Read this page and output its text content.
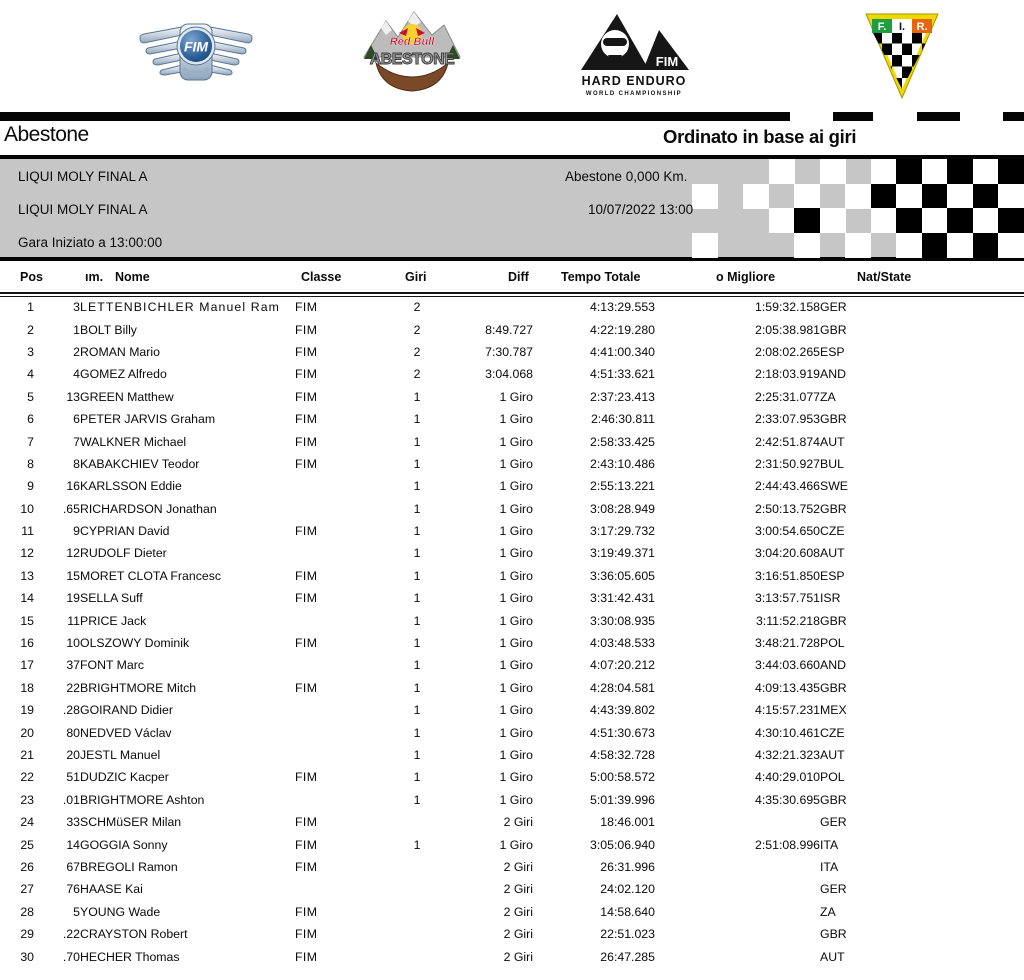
FIM	Red Bull
ABESTONE	FIM
HARD ENDURO
WORLD CHAMPIONSHIP
F. I. R.
Abestone	Ordinato in base ai giri
LIQUI MOLY FINAL A	Abestone 0,000 Km.
LIQUI MOLY FINAL A	10/07/2022 13:00
Gara Iniziato a 13:00:00
Pos	ım. Nome	Classe	Giri	Diff	Tempo Totale	o Migliore	Nat/State
1	3	LETTENBICHLER Manuel Ram	FIM	2		4:13:29.553	1:59:32.158	GER
2	1	BOLT Billy	FIM	2	8:49.727	4:22:19.280	2:05:38.981	GBR
3	2	ROMAN Mario	FIM	2	7:30.787	4:41:00.340	2:08:02.265	ESP
4	4	GOMEZ Alfredo	FIM	2	3:04.068	4:51:33.621	2:18:03.919	AND
5	13	GREEN Matthew	FIM	1	1 Giro	2:37:23.413	2:25:31.077	ZA
6	6	PETER JARVIS Graham	FIM	1	1 Giro	2:46:30.811	2:33:07.953	GBR
7	7	WALKNER Michael	FIM	1	1 Giro	2:58:33.425	2:42:51.874	AUT
8	8	KABAKCHIEV Teodor	FIM	1	1 Giro	2:43:10.486	2:31:50.927	BUL
9	16	KARLSSON Eddie		1	1 Giro	2:55:13.221	2:44:43.466	SWE
10	.65	RICHARDSON Jonathan		1	1 Giro	3:08:28.949	2:50:13.752	GBR
11	9	CYPRIAN David	FIM	1	1 Giro	3:17:29.732	3:00:54.650	CZE
12	12	RUDOLF Dieter		1	1 Giro	3:19:49.371	3:04:20.608	AUT
13	15	MORET CLOTA Francesc	FIM	1	1 Giro	3:36:05.605	3:16:51.850	ESP
14	19	SELLA Suff	FIM	1	1 Giro	3:31:42.431	3:13:57.751	ISR
15	11	PRICE Jack		1	1 Giro	3:30:08.935	3:11:52.218	GBR
16	10	OLSZOWY Dominik	FIM	1	1 Giro	4:03:48.533	3:48:21.728	POL
17	37	FONT Marc		1	1 Giro	4:07:20.212	3:44:03.660	AND
18	22	BRIGHTMORE Mitch	FIM	1	1 Giro	4:28:04.581	4:09:13.435	GBR
19	.28	GOIRAND Didier		1	1 Giro	4:43:39.802	4:15:57.231	MEX
20	80	NEDVED Václav		1	1 Giro	4:51:30.673	4:30:10.461	CZE
21	20	JESTL Manuel		1	1 Giro	4:58:32.728	4:32:21.323	AUT
22	51	DUDZIC Kacper	FIM	1	1 Giro	5:00:58.572	4:40:29.010	POL
23	.01	BRIGHTMORE Ashton		1	1 Giro	5:01:39.996	4:35:30.695	GBR
24	33	SCHMüSER Milan	FIM		2 Giri	18:46.001		GER
25	14	GOGGIA Sonny	FIM	1	1 Giro	3:05:06.940	2:51:08.996	ITA
26	67	BREGOLI Ramon	FIM		2 Giri	26:31.996		ITA
27	76	HAASE Kai			2 Giri	24:02.120		GER
28	5	YOUNG Wade	FIM		2 Giri	14:58.640		ZA
29	.22	CRAYSTON Robert	FIM		2 Giri	22:51.023		GBR
30	.70	HECHER Thomas	FIM		2 Giri	26:47.285		AUT
